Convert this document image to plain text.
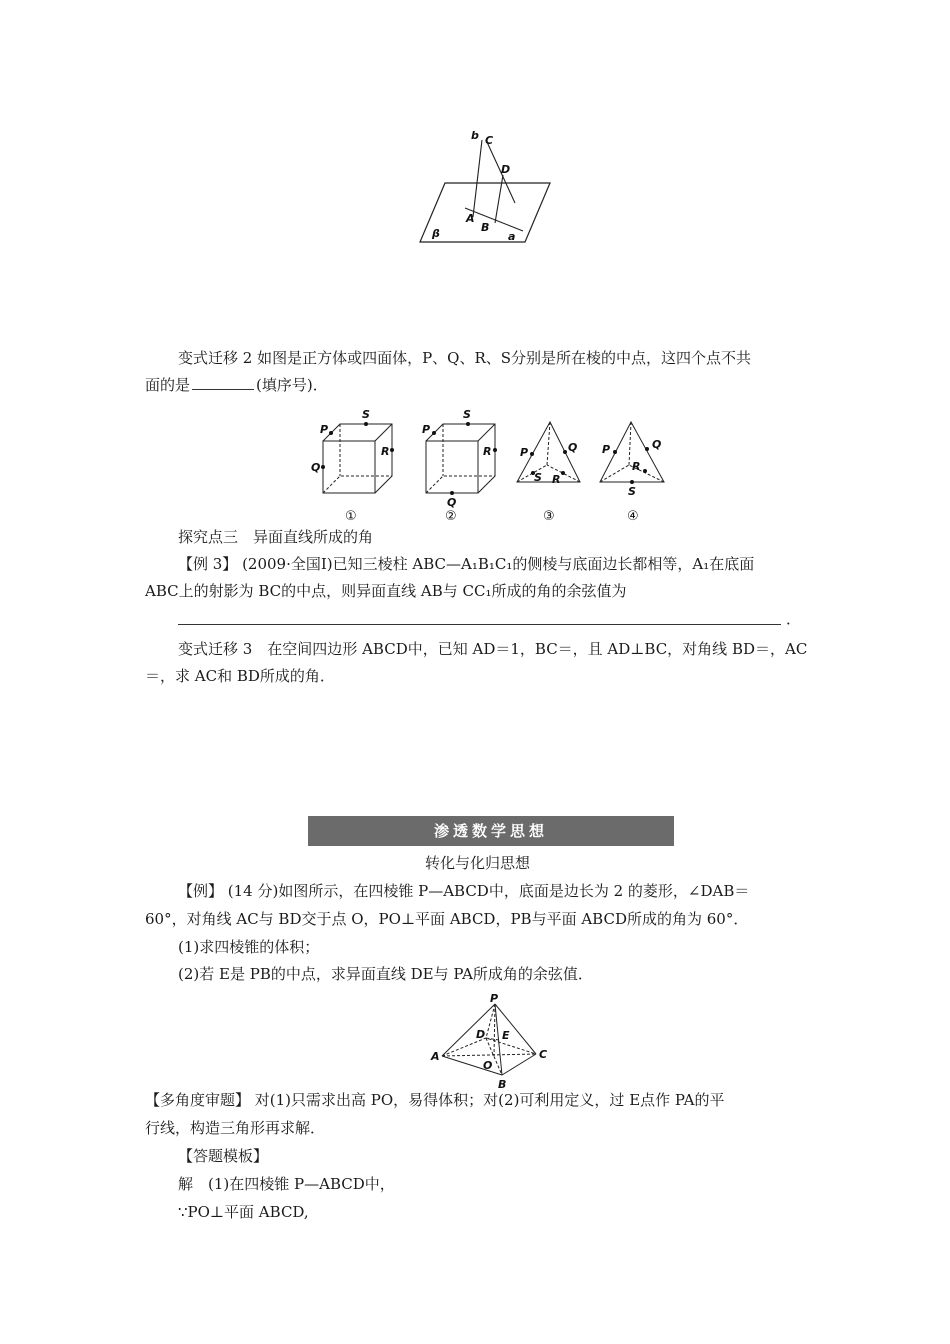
b C
D
A
B
a
β
变式迁移 2 如图是正方体或四面体，P、Q、R、S分别是所在棱的中点，这四个点不共
面的是	(填序号)．
S
P
Q
R
①
S
P
Q
R
②
P	Q
S R
③
P	Q
S
R
④
探究点三　异面直线所成的角
【例 3】 (2009·全国Ⅰ)已知三棱柱 ABC—A₁B₁C₁的侧棱与底面边长都相等，A₁在底面
ABC上的射影为 BC的中点，则异面直线 AB与 CC₁所成的角的余弦值为
．
变式迁移 3　在空间四边形 ABCD中，已知 AD＝1，BC＝，且 AD⊥BC，对角线 BD＝，AC
＝，求 AC和 BD所成的角．
渗透数学思想
转化与化归思想
【例】 (14 分)如图所示，在四棱锥 P—ABCD中，底面是边长为 2 的菱形，∠DAB＝
60°，对角线 AC与 BD交于点 O，PO⊥平面 ABCD，PB与平面 ABCD所成的角为 60°．
(1)求四棱锥的体积；
(2)若 E是 PB的中点，求异面直线 DE与 PA所成角的余弦值．
P
D E
A
O
C
B
【多角度审题】 对(1)只需求出高 PO，易得体积；对(2)可利用定义，过 E点作 PA的平
行线，构造三角形再求解．
【答题模板】
解　(1)在四棱锥 P—ABCD中，
∵PO⊥平面 ABCD,
